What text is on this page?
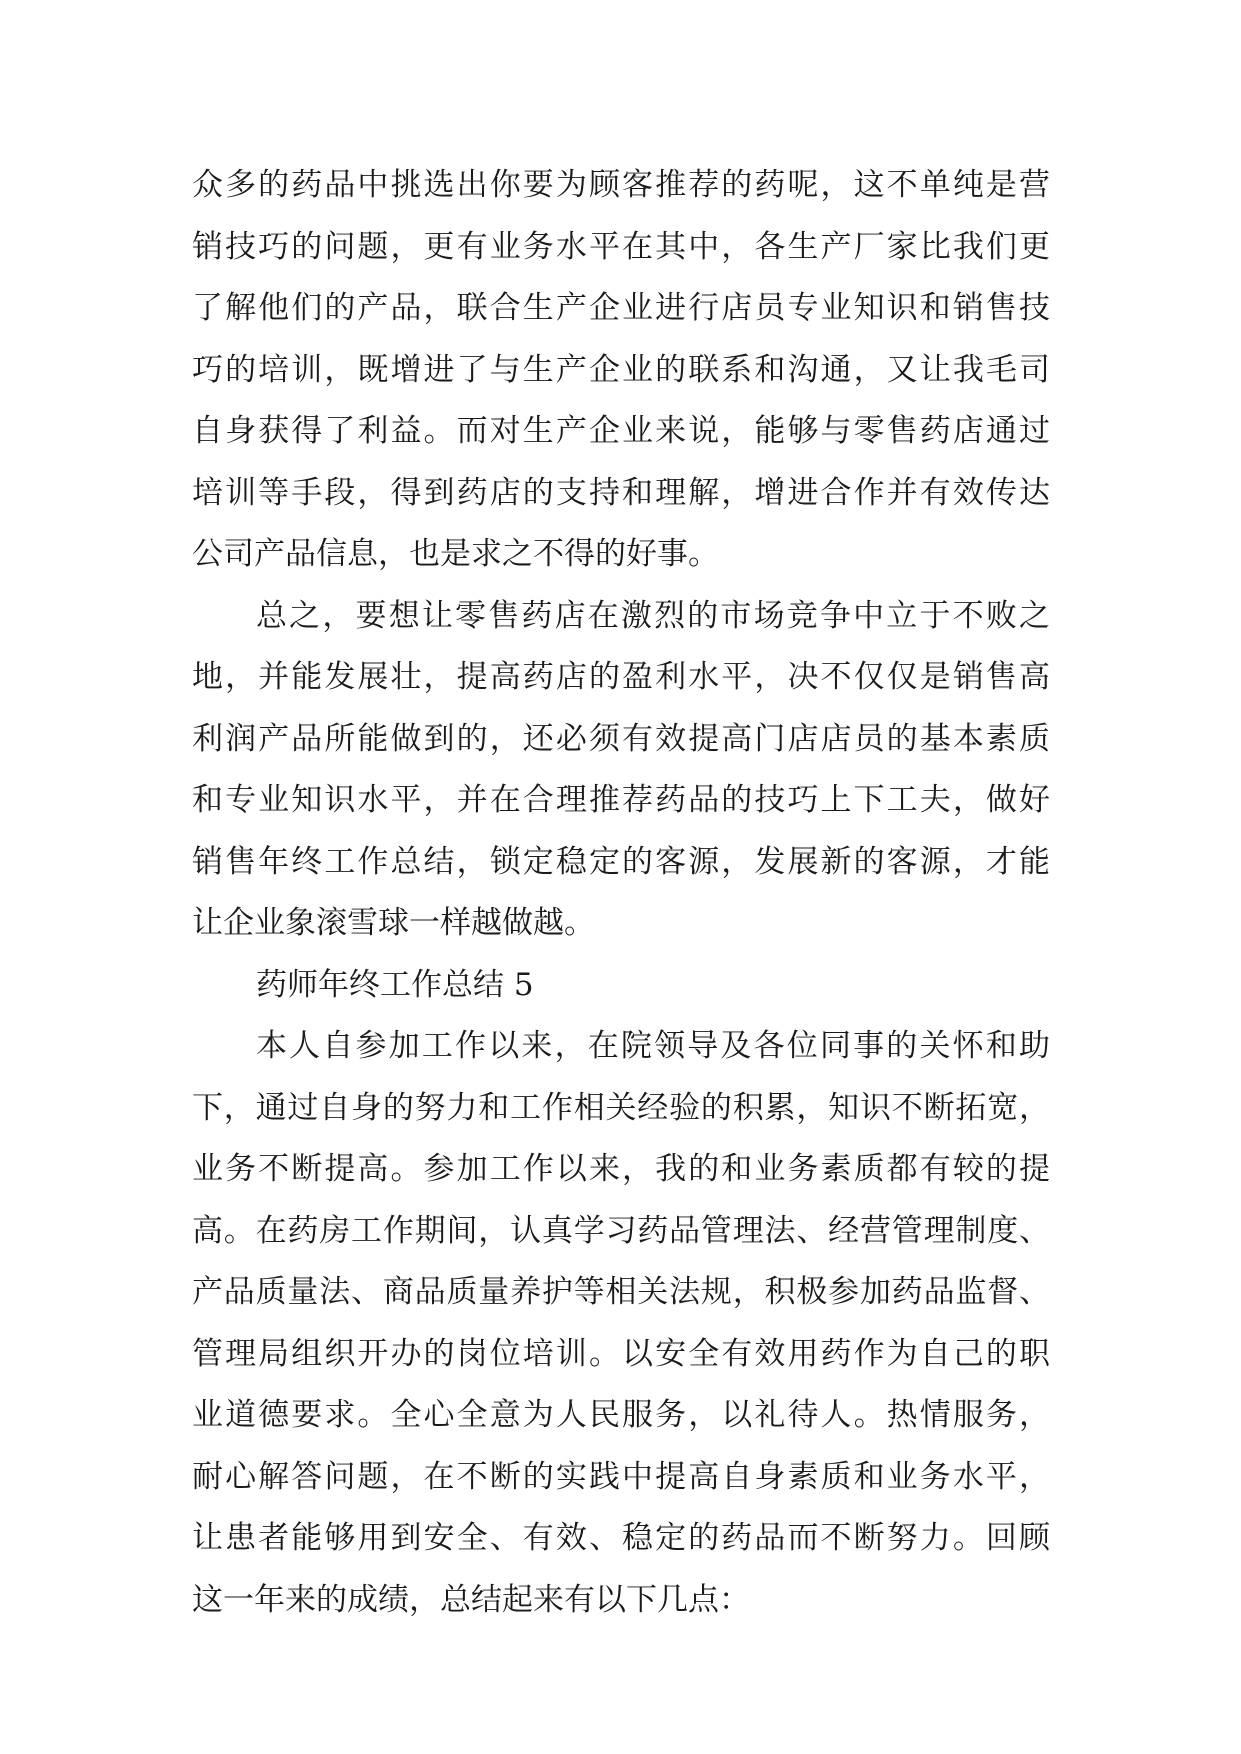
众多的药品中挑选出你要为顾客推荐的药呢，这不单纯是营
销技巧的问题，更有业务水平在其中，各生产厂家比我们更
了解他们的产品，联合生产企业进行店员专业知识和销售技
巧的培训，既增进了与生产企业的联系和沟通，又让我毛司
自身获得了利益。而对生产企业来说，能够与零售药店通过
培训等手段，得到药店的支持和理解，增进合作并有效传达
公司产品信息，也是求之不得的好事。
总之，要想让零售药店在激烈的市场竞争中立于不败之
地，并能发展壮，提高药店的盈利水平，决不仅仅是销售高
利润产品所能做到的，还必须有效提高门店店员的基本素质
和专业知识水平，并在合理推荐药品的技巧上下工夫，做好
销售年终工作总结，锁定稳定的客源，发展新的客源，才能
让企业象滚雪球一样越做越。
药师年终工作总结 5
本人自参加工作以来，在院领导及各位同事的关怀和助
下，通过自身的努力和工作相关经验的积累，知识不断拓宽，
业务不断提高。参加工作以来，我的和业务素质都有较的提
高。在药房工作期间，认真学习药品管理法、经营管理制度、
产品质量法、商品质量养护等相关法规，积极参加药品监督、
管理局组织开办的岗位培训。以安全有效用药作为自己的职
业道德要求。全心全意为人民服务，以礼待人。热情服务，
耐心解答问题，在不断的实践中提高自身素质和业务水平，
让患者能够用到安全、有效、稳定的药品而不断努力。回顾
这一年来的成绩，总结起来有以下几点：
